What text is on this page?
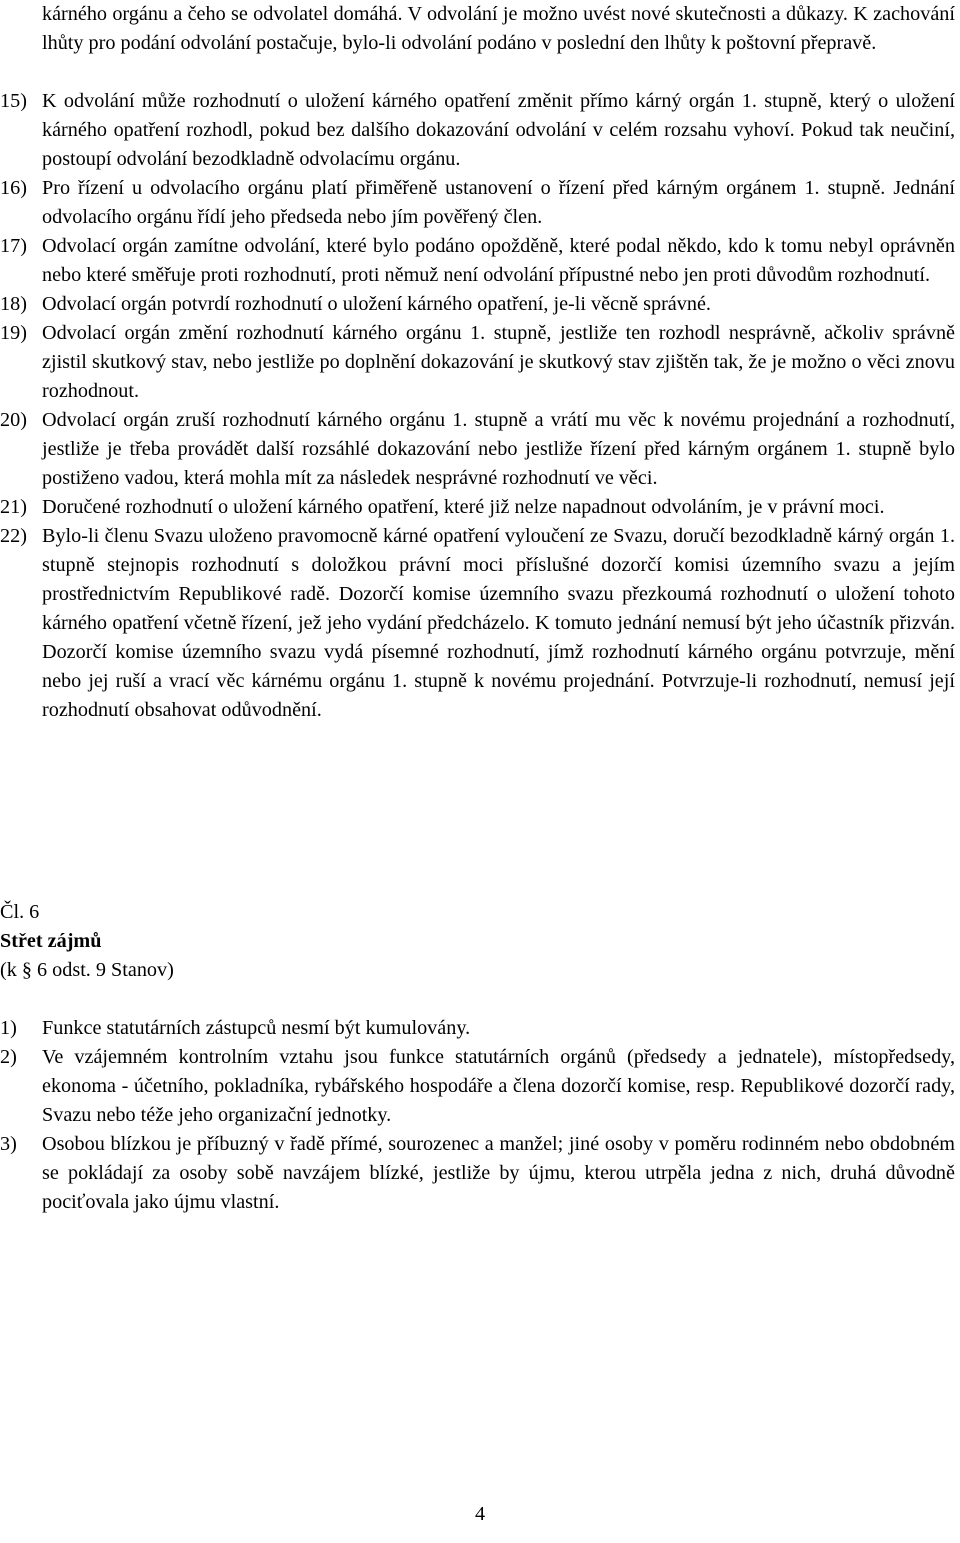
kárného orgánu a čeho se odvolatel domáhá. V odvolání je možno uvést nové skutečnosti a důkazy. K zachování lhůty pro podání odvolání postačuje, bylo-li odvolání podáno v poslední den lhůty k poštovní přepravě.

15) K odvolání může rozhodnutí o uložení kárného opatření změnit přímo kárný orgán 1. stupně, který o uložení kárného opatření rozhodl, pokud bez dalšího dokazování odvolání v celém rozsahu vyhoví. Pokud tak neučiní, postoupí odvolání bezodkladně odvolacímu orgánu.

16) Pro řízení u odvolacího orgánu platí přiměřeně ustanovení o řízení před kárným orgánem 1. stupně. Jednání odvolacího orgánu řídí jeho předseda nebo jím pověřený člen.

17) Odvolací orgán zamítne odvolání, které bylo podáno opožděně, které podal někdo, kdo k tomu nebyl oprávněn nebo které směřuje proti rozhodnutí, proti němuž není odvolání přípustné nebo jen proti důvodům rozhodnutí.

18) Odvolací orgán potvrdí rozhodnutí o uložení kárného opatření, je-li věcně správné.

19) Odvolací orgán změní rozhodnutí kárného orgánu 1. stupně, jestliže ten rozhodl nesprávně, ačkoliv správně zjistil skutkový stav, nebo jestliže po doplnění dokazování je skutkový stav zjištěn tak, že je možno o věci znovu rozhodnout.

20) Odvolací orgán zruší rozhodnutí kárného orgánu 1. stupně a vrátí mu věc k novému projednání a rozhodnutí, jestliže je třeba provádět další rozsáhlé dokazování nebo jestliže řízení před kárným orgánem 1. stupně bylo postiženo vadou, která mohla mít za následek nesprávné rozhodnutí ve věci.

21) Doručené rozhodnutí o uložení kárného opatření, které již nelze napadnout odvoláním, je v právní moci.

22) Bylo-li členu Svazu uloženo pravomocně kárné opatření vyloučení ze Svazu, doručí bezodkladně kárný orgán 1. stupně stejnopis rozhodnutí s doložkou právní moci příslušné dozorčí komisi územního svazu a jejím prostřednictvím Republikové radě. Dozorčí komise územního svazu přezkoumá rozhodnutí o uložení tohoto kárného opatření včetně řízení, jež jeho vydání předcházelo. K tomuto jednání nemusí být jeho účastník přizván. Dozorčí komise územního svazu vydá písemné rozhodnutí, jímž rozhodnutí kárného orgánu potvrzuje, mění nebo jej ruší a vrací věc kárnému orgánu 1. stupně k novému projednání. Potvrzuje-li rozhodnutí, nemusí její rozhodnutí obsahovat odůvodnění.

Čl. 6
Střet zájmů
(k § 6 odst. 9 Stanov)
1)	Funkce statutárních zástupců nesmí být kumulovány.

2)	Ve vzájemném kontrolním vztahu jsou funkce statutárních orgánů (předsedy a jednatele), místopředsedy, ekonoma - účetního, pokladníka, rybářského hospodáře a člena dozorčí komise, resp. Republikové dozorčí rady, Svazu nebo téže jeho organizační jednotky.

3)	Osobou blízkou je příbuzný v řadě přímé, sourozenec a manžel; jiné osoby v poměru rodinném nebo obdobném se pokládají za osoby sobě navzájem blízké, jestliže by újmu, kterou utrpěla jedna z nich, druhá důvodně pociťovala jako újmu vlastní.

4
